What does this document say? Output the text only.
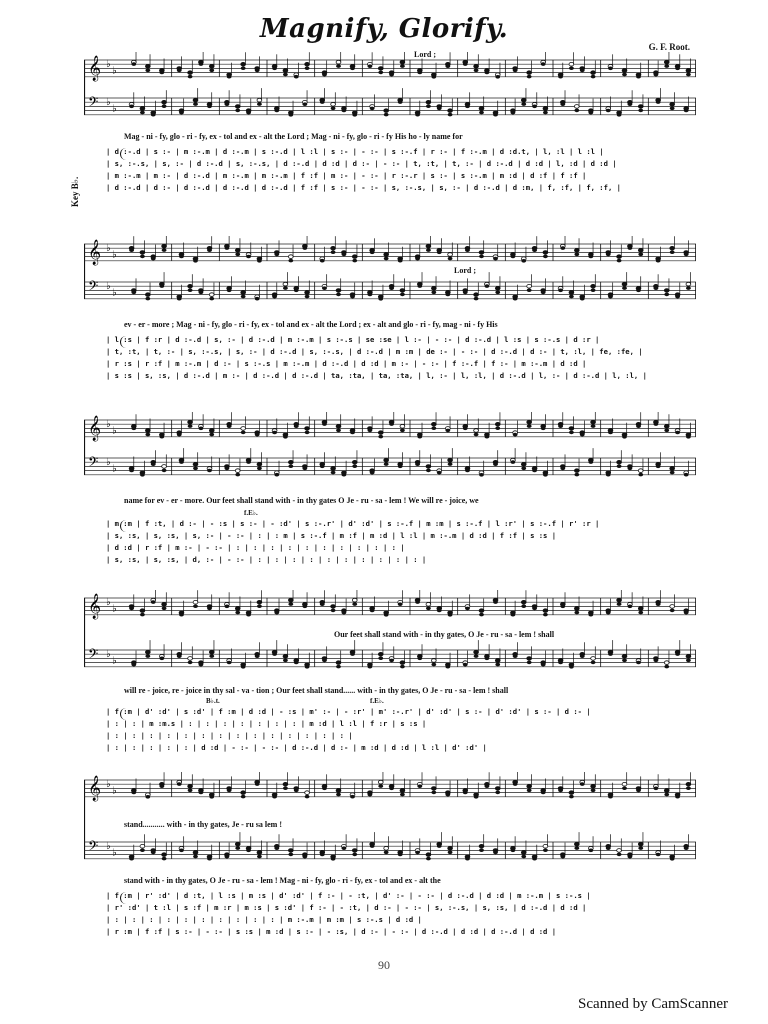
Magnify, Glorify.
G. F. Root.
𝄞 ♭
♭
𝄢 ♭
♭
Lord ;
Mag - ni - fy, glo - ri - fy, ex - tol and ex - alt the Lord ; Mag - ni - fy, glo - ri - fy His ho - ly name for
Key B♭.
| d :-.d | s :- | m :-.m | d :-.m | s :-.d | l :l | s :- | - :- | s :-.f | r :- | f :-.m | d :d.t, | l, :l | l :l |
| s, :-.s, | s, :- | d :-.d | s, :-.s, | d :-.d | d :d | d :- | - :- | t, :t, | t, :- | d :-.d | d :d | l, :d | d :d |
| m :-.m | m :- | d :-.d | m :-.m | m :-.m | f :f | m :- | - :- | r :-.r | s :- | s :-.m | m :d | d :f | f :f |
| d :-.d | d :- | d :-.d | d :-.d | d :-.d | f :f | s :- | - :- | s, :-.s, | s, :- | d :-.d | d :m, | f, :f, | f, :f, |
𝄞 ♭
♭
𝄢 ♭
♭
Lord ;
ev - er - more ; Mag - ni - fy, glo - ri - fy, ex - tol and ex - alt the Lord ; ex - alt and glo - ri - fy, mag - ni - fy His
| l :s | f :r | d :-.d | s, :- | d :-.d | m :-.m | s :-.s | se :se | l :- | - :- | d :-.d | l :s | s :-.s | d :r |
| t, :t, | t, :- | s, :-.s, | s, :- | d :-.d | s, :-.s, | d :-.d | m :m | de :- | - :- | d :-.d | d :- | t, :l, | fe, :fe, |
| r :s | r :f | m :-.m | d :- | s :-.s | m :-.m | d :-.d | d :d | m :- | - :- | f :-.f | f :- | m :-.m | d :d |
| s :s | s, :s, | d :-.d | m :- | d :-.d | d :-.d | ta, :ta, | ta, :ta, | l, :- | l, :l, | d :-.d | l, :- | d :-.d | l, :l, |
𝄞 ♭
♭
𝄢 ♭
♭
name for ev - er - more. Our feet shall stand with - in thy gates O Je - ru - sa - lem ! We will re - joice, we
f.E♭.
| m :m | f :t, | d :- | - :s | s :- | - :d' | s :-.r' | d' :d' | s :-.f | m :m | s :-.f | l :r' | s :-.f | r' :r |
| s, :s, | s, :s, | s, :- | - :- | : | : m | s :-.f | m :f | m :d | l :l | m :-.m | d :d | f :f | s :s |
| d :d | r :f | m :- | - :- | : | : | : | : | : | : | : | : | : | : |
| s, :s, | s, :s, | d, :- | - :- | : | : | : | : | : | : | : | : | : | : |
𝄞 ♭
♭
𝄢 ♭
♭
Our feet shall stand with - in thy gates, O Je - ru - sa - lem ! shall
will re - joice, re - joice in thy sal - va - tion ; Our feet shall stand...... with - in thy gates, O Je - ru - sa - lem ! shall
B♭.t.	f.E♭.
| f :m | d' :d' | s :d' | f :m | d :d | - :s | m' :- | - :r' | m' :-.r' | d' :d' | s :- | d' :d' | s :- | d :- |
| : | : | m :m.s | : | : | : | : | : | : | : | m :d | l :l | f :r | s :s |
| : | : | : | : | : | : | : | : | : | : | : | : | : | : |
| : | : | : | : | : | d :d | - :- | - :- | d :-.d | d :- | m :d | d :d | l :l | d' :d' |
𝄞 ♭
♭
𝄢 ♭
♭
stand........... with - in thy gates, Je - ru sa lem !
stand with - in thy gates, O Je - ru - sa - lem ! Mag - ni - fy, glo - ri - fy, ex - tol and ex - alt the
| f :m | r' :d' | d :t, | l :s | m :s | d' :d' | f :- | - :t, | d' :- | - :- | d :-.d | d :d | m :-.m | s :-.s |
| r' :d' | t :l | s :f | m :r | m :s | s :d' | f :- | - :t, | d :- | - :- | s, :-.s, | s, :s, | d :-.d | d :d |
| : | : | : | : | : | : | : | : | : | : | m :-.m | m :m | s :-.s | d :d |
| r :m | f :f | s :- | - :- | s :s | m :d | s :- | - :s, | d :- | - :- | d :-.d | d :d | d :-.d | d :d |
90
Scanned by CamScanner
